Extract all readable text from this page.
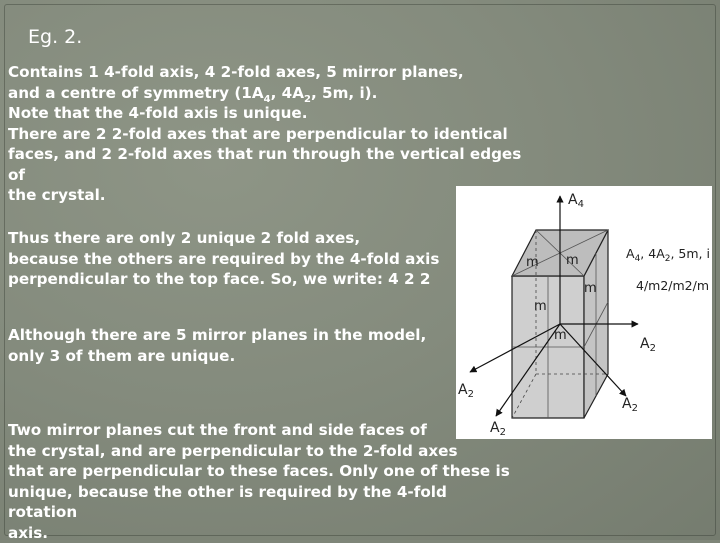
Eg. 2.

Contains 1 4-fold axis, 4 2-fold axes, 5 mirror planes,
and a centre of symmetry ($1A_4$, $4A_2$, 5m, i).
Note that the 4-fold axis is unique.
There are 2 2-fold axes that are perpendicular to identical
faces, and 2 2-fold axes that run through the vertical edges of
the crystal.

Thus there are only 2 unique 2 fold axes,
because the others are required by the 4-fold axis
perpendicular to the top face. So, we write: 4 2 2

Although there are 5 mirror planes in the model,
only 3 of them are unique.

Two mirror planes cut the front and side faces of
the crystal, and are perpendicular to the 2-fold axes
that are perpendicular to these faces. Only one of these is
unique, because the other is required by the 4-fold rotation
axis.

$A_4$
$A_4$, $4A_2$, 5m, i
4/m2/m2/m
m m
m
m
m
$A_2$
$A_2$
$A_2$
$A_2$
